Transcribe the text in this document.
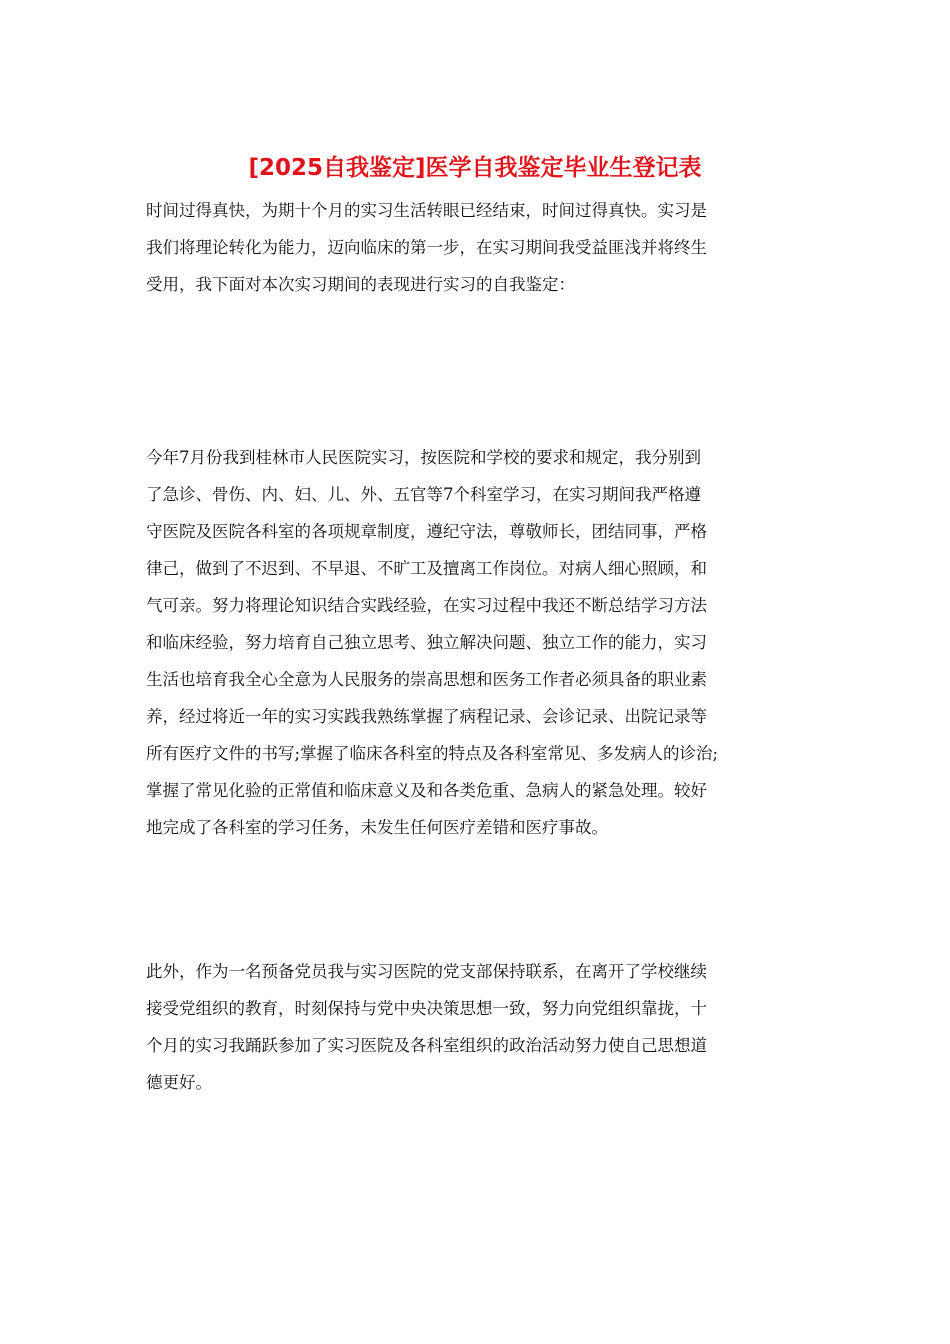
[2025自我鉴定]医学自我鉴定毕业生登记表
时间过得真快，为期十个月的实习生活转眼已经结束，时间过得真快。实习是
我们将理论转化为能力，迈向临床的第一步，在实习期间我受益匪浅并将终生
受用，我下面对本次实习期间的表现进行实习的自我鉴定：
今年7月份我到桂林市人民医院实习，按医院和学校的要求和规定，我分别到
了急诊、骨伤、内、妇、儿、外、五官等7个科室学习，在实习期间我严格遵
守医院及医院各科室的各项规章制度，遵纪守法，尊敬师长，团结同事，严格
律己，做到了不迟到、不早退、不旷工及擅离工作岗位。对病人细心照顾，和
气可亲。努力将理论知识结合实践经验，在实习过程中我还不断总结学习方法
和临床经验，努力培育自己独立思考、独立解决问题、独立工作的能力，实习
生活也培育我全心全意为人民服务的崇高思想和医务工作者必须具备的职业素
养，经过将近一年的实习实践我熟练掌握了病程记录、会诊记录、出院记录等
所有医疗文件的书写;掌握了临床各科室的特点及各科室常见、多发病人的诊治;
掌握了常见化验的正常值和临床意义及和各类危重、急病人的紧急处理。较好
地完成了各科室的学习任务，未发生任何医疗差错和医疗事故。
此外，作为一名预备党员我与实习医院的党支部保持联系，在离开了学校继续
接受党组织的教育，时刻保持与党中央决策思想一致，努力向党组织靠拢，十
个月的实习我踊跃参加了实习医院及各科室组织的政治活动努力使自己思想道
德更好。
